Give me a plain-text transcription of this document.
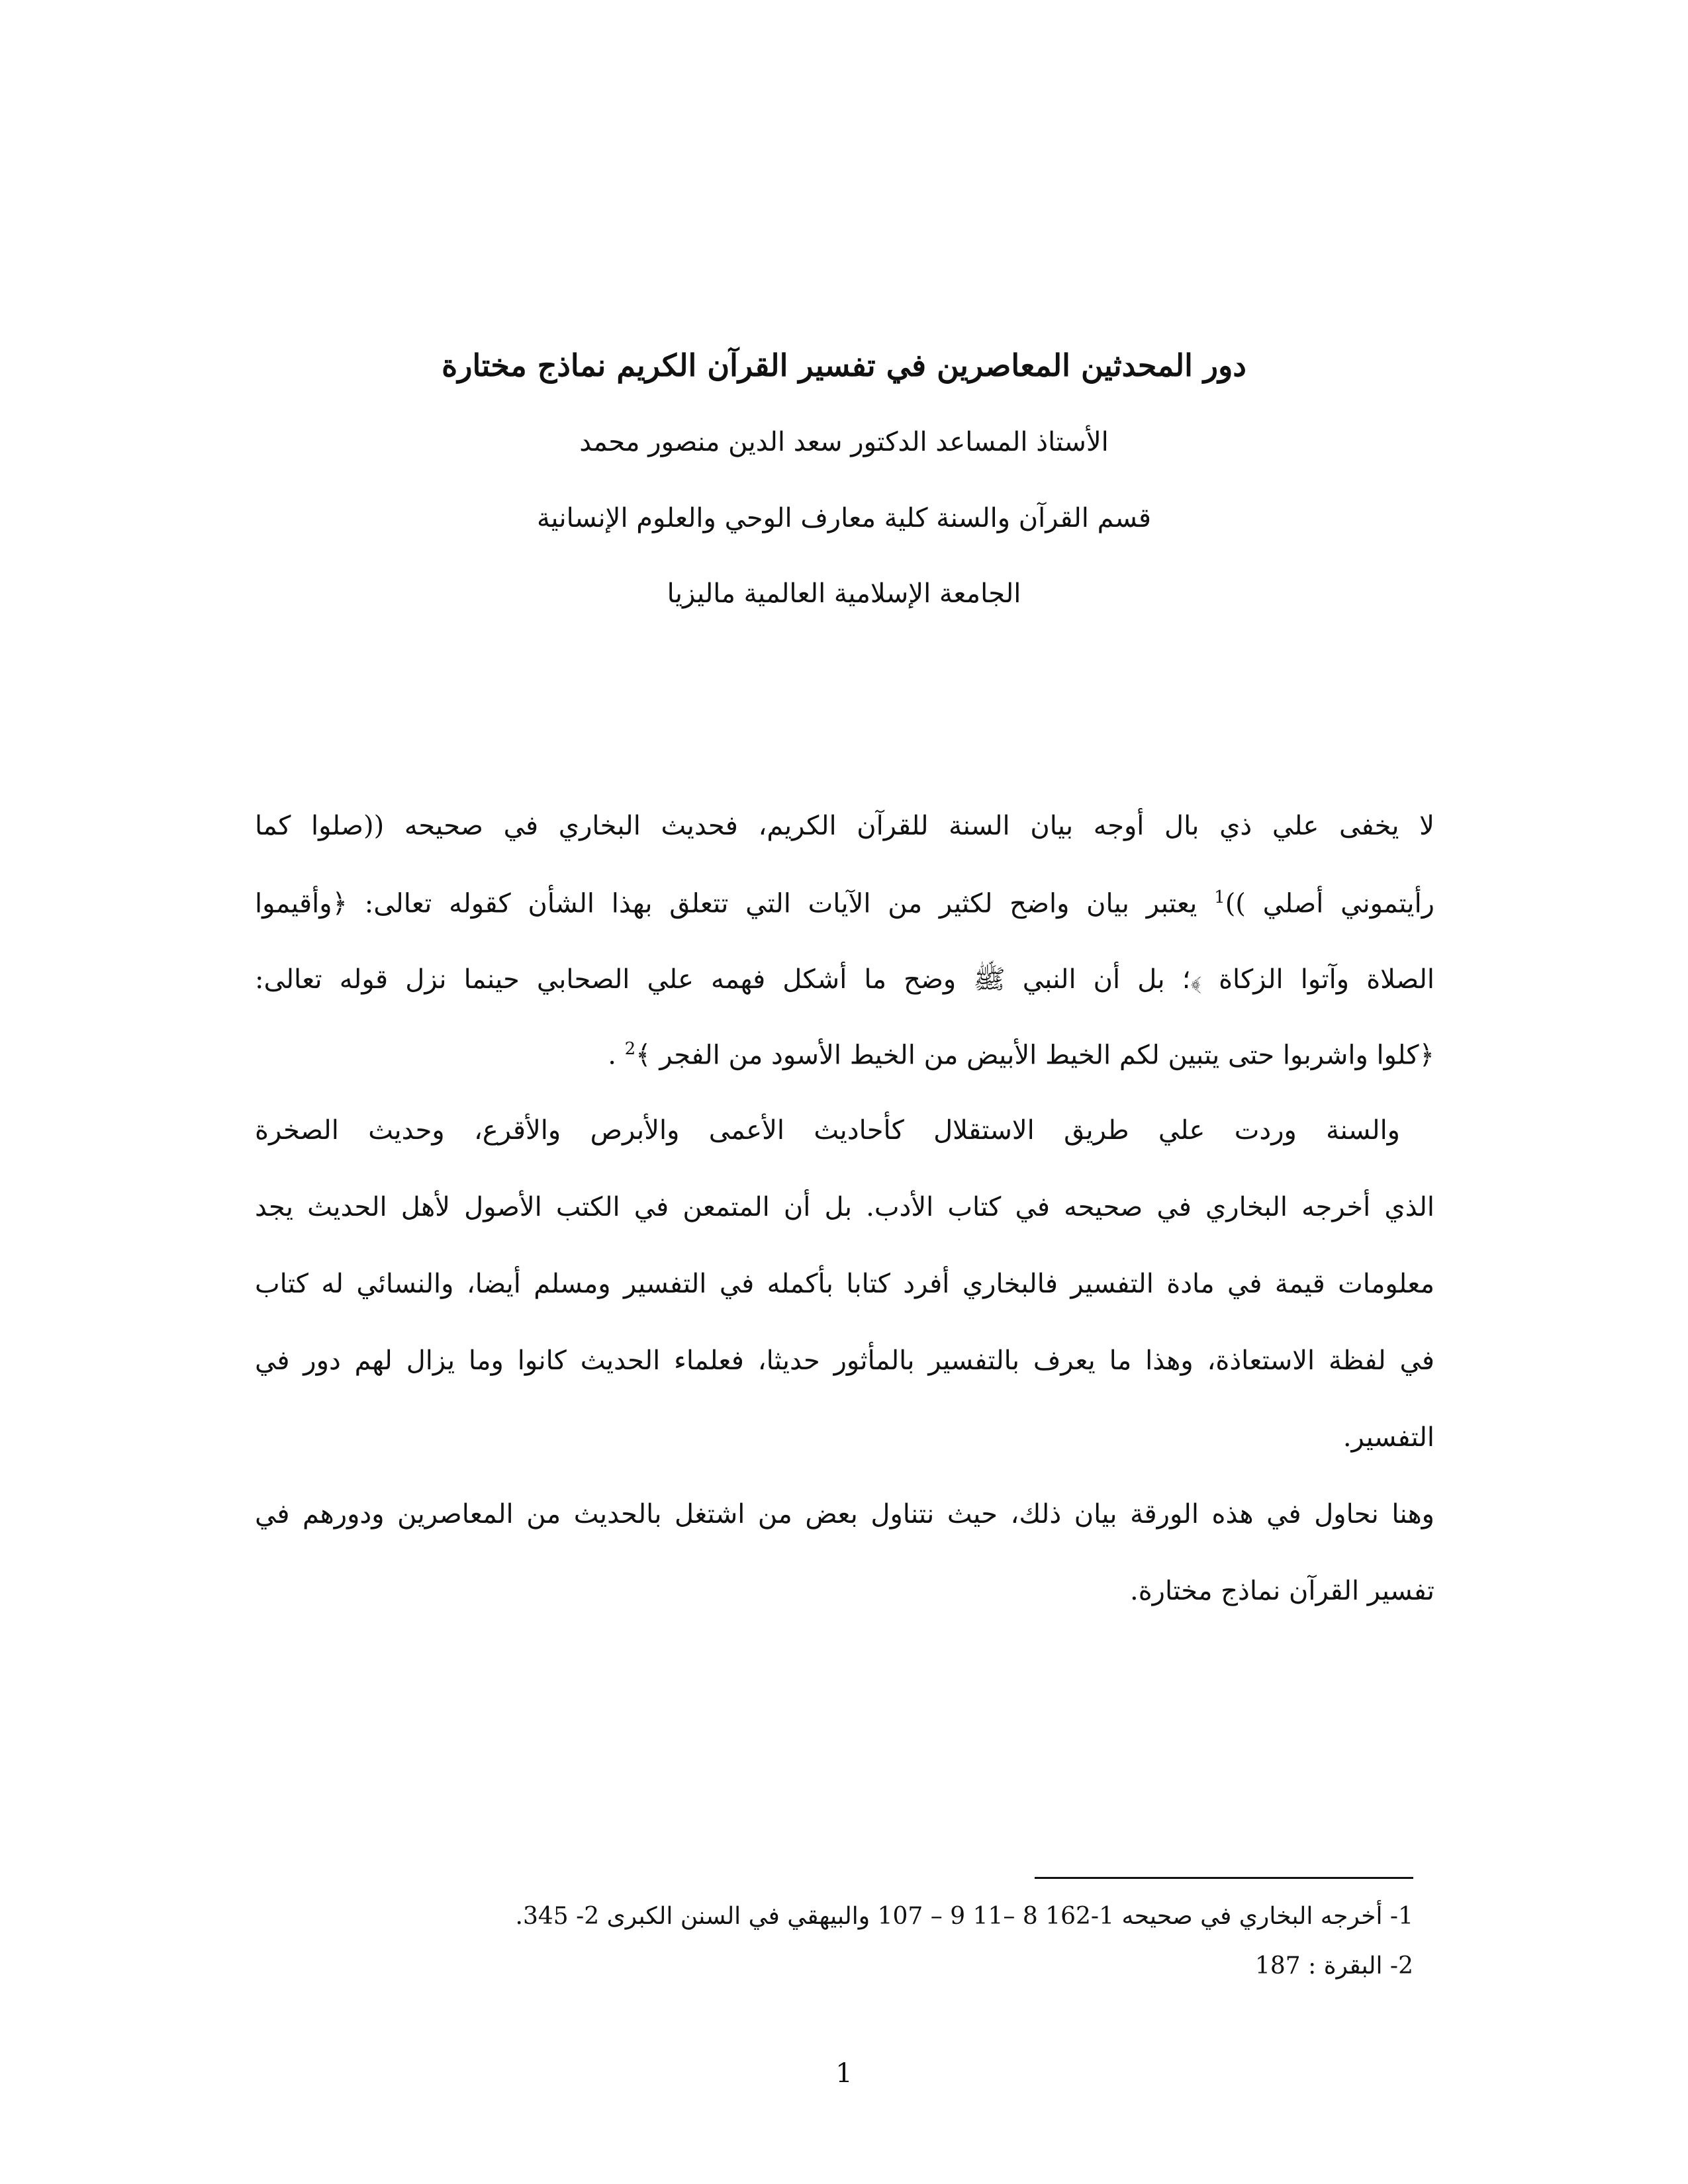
دور المحدثين المعاصرين في تفسير القرآن الكريم نماذج مختارة
الأستاذ المساعد الدكتور سعد الدين منصور محمد
قسم القرآن والسنة كلية معارف الوحي والعلوم الإنسانية
الجامعة الإسلامية العالمية ماليزيا
لا يخفى علي ذي بال أوجه بيان السنة للقرآن الكريم، فحديث البخاري في صحيحه ((صلوا كما
رأيتموني أصلي ))$^1$ يعتبر بيان واضح لكثير من الآيات التي تتعلق بهذا الشأن كقوله تعالى: ﴿وأقيموا
الصلاة وآتوا الزكاة ﴾؛ بل أن النبي ﷺ وضح ما أشكل فهمه علي الصحابي حينما نزل قوله تعالى:
﴿كلوا واشربوا حتى يتبين لكم الخيط الأبيض من الخيط الأسود من الفجر ﴾$^2$ .
والسنة وردت علي طريق الاستقلال كأحاديث الأعمى والأبرص والأقرع، وحديث الصخرة
الذي أخرجه البخاري في صحيحه في كتاب الأدب. بل أن المتمعن في الكتب الأصول لأهل الحديث يجد
معلومات قيمة في مادة التفسير فالبخاري أفرد كتابا بأكمله في التفسير ومسلم أيضا، والنسائي له كتاب
في لفظة الاستعاذة، وهذا ما يعرف بالتفسير بالمأثور حديثا، فعلماء الحديث كانوا وما يزال لهم دور في
التفسير.
وهنا نحاول في هذه الورقة بيان ذلك، حيث نتناول بعض من اشتغل بالحديث من المعاصرين ودورهم في
تفسير القرآن نماذج مختارة.
1- أخرجه البخاري في صحيحه 1-162 8 –11 9 – 107 والبيهقي في السنن الكبرى 2- 345.
2- البقرة : 187
1
